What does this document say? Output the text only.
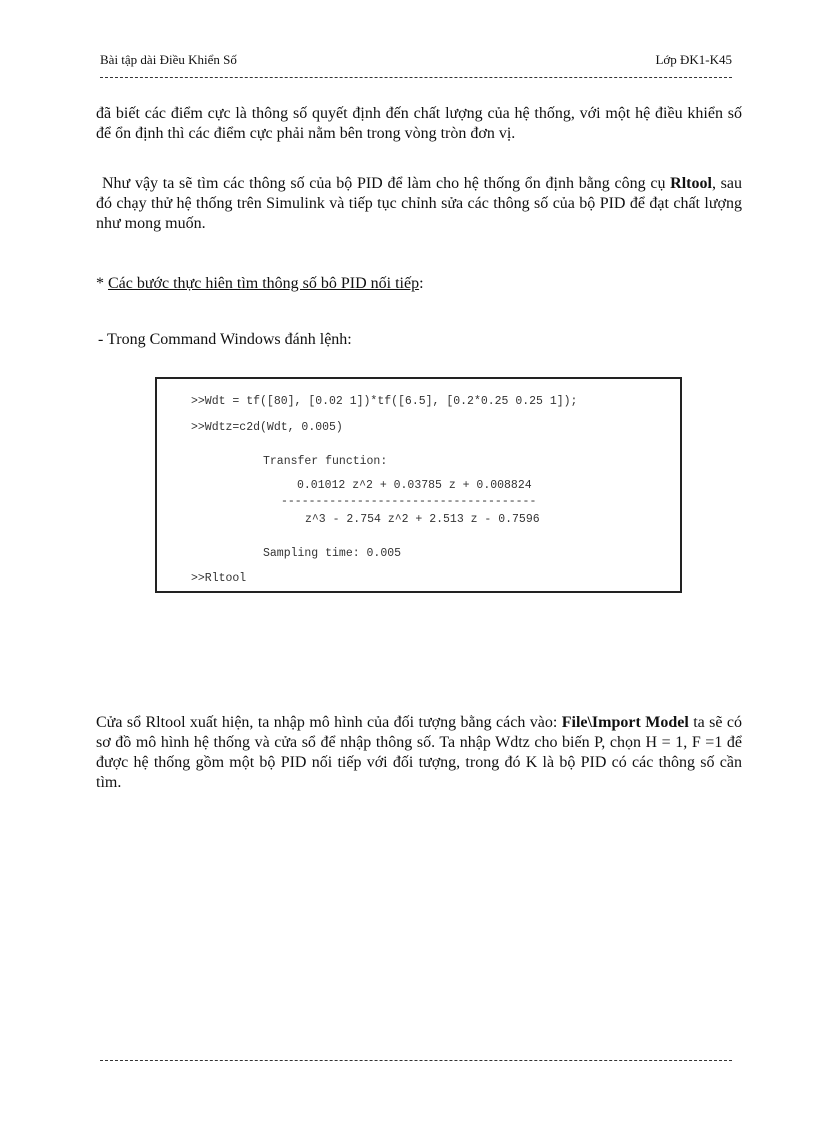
Bài tập dài Điều Khiển Số	Lớp ĐK1-K45
đã biết các điểm cực là thông số quyết định đến chất lượng của hệ thống, với một hệ điều khiển số để ổn định thì các điểm cực phải nằm bên trong vòng tròn đơn vị.
Như vậy ta sẽ tìm các thông số của bộ PID để làm cho hệ thống ổn định bằng công cụ Rltool, sau đó chạy thử hệ thống trên Simulink và tiếp tục chỉnh sửa các thông số của bộ PID để đạt chất lượng như mong muốn.
* Các bước thực hiên tìm thông số bô PID nối tiếp:
- Trong Command Windows đánh lệnh:
>>Wdt = tf([80], [0.02 1])*tf([6.5], [0.2*0.25 0.25 1]);
>>Wdtz=c2d(Wdt, 0.005)
Transfer function:
0.01012 z^2 + 0.03785 z + 0.008824
-------------------------------------
z^3 - 2.754 z^2 + 2.513 z - 0.7596
Sampling time: 0.005
>>Rltool
Cửa sổ Rltool xuất hiện, ta nhập mô hình của đối tượng bằng cách vào: File\Import Model ta sẽ có sơ đồ mô hình hệ thống và cửa sổ để nhập thông số. Ta nhập Wdtz cho biến P, chọn H = 1, F =1 để được hệ thống gồm một bộ PID nối tiếp với đối tượng, trong đó K là bộ PID có các thông số cần tìm.
